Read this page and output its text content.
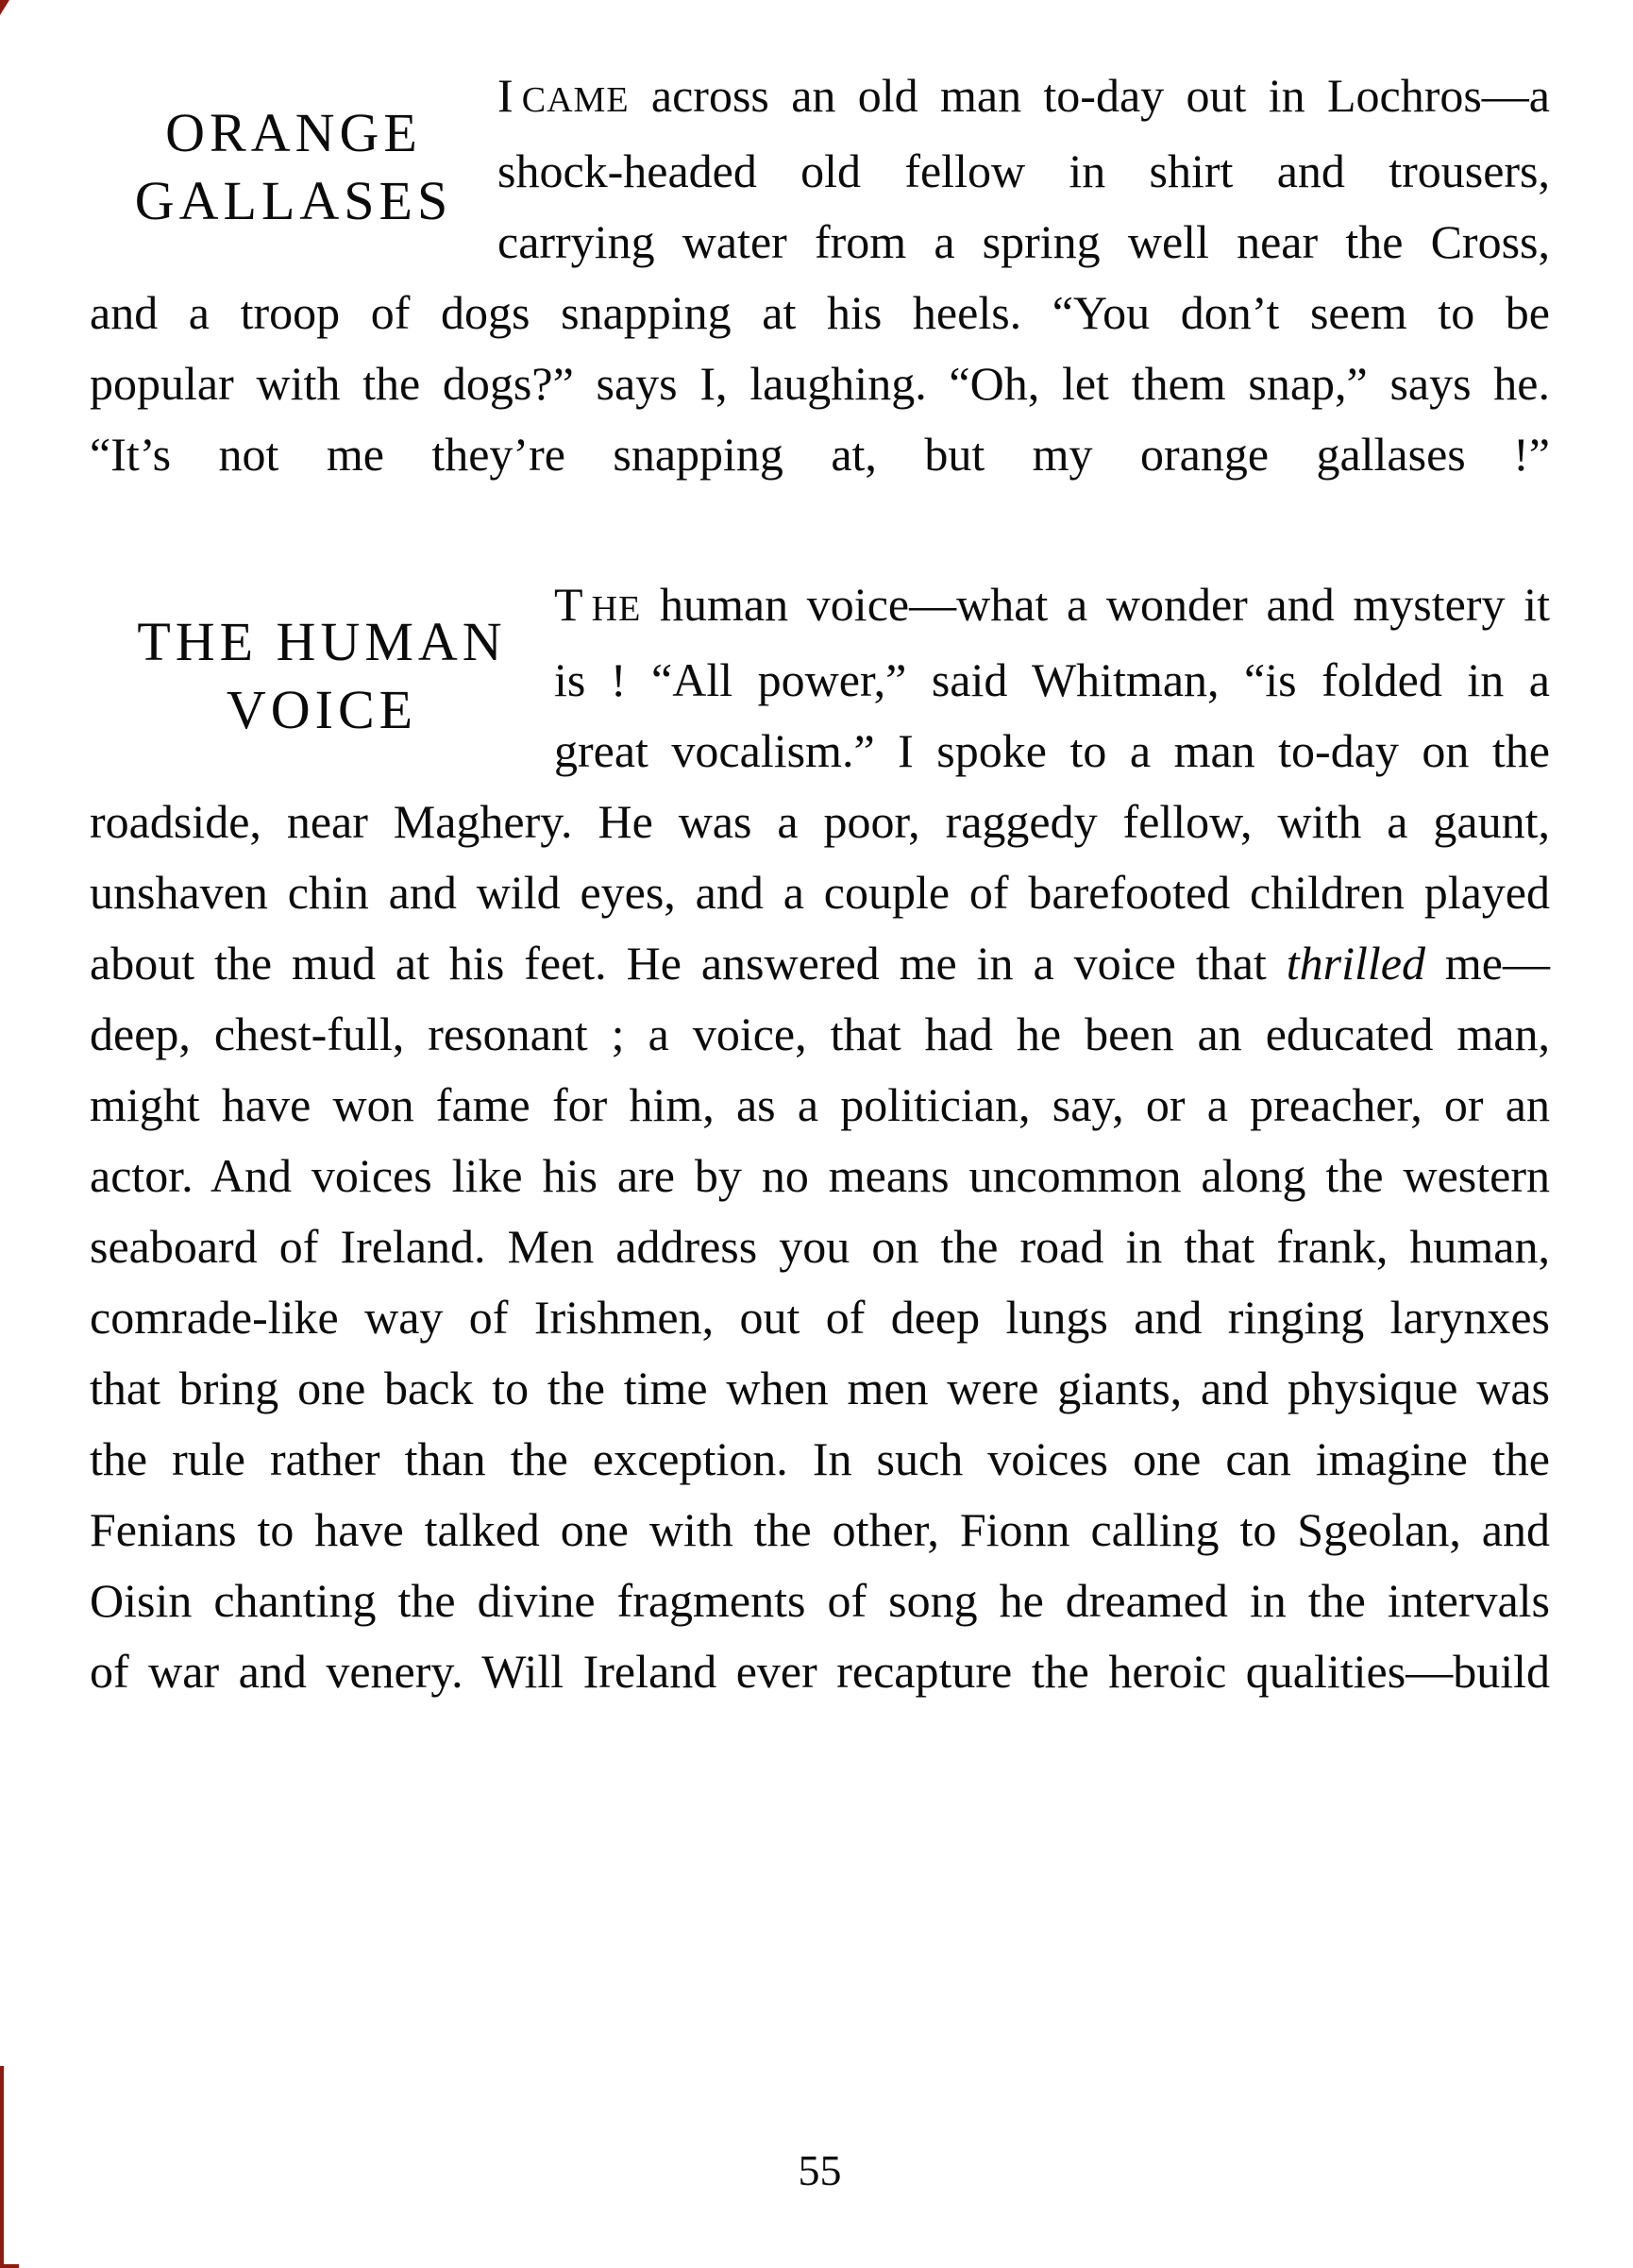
ORANGE
GALLASES

I CAME across an old man to-day out in Lochros—a shock-headed old fellow in shirt and trousers, carrying water from a spring well near the Cross, and a troop of dogs snapping at his heels. “You don’t seem to be popular with the dogs?” says I, laughing. “Oh, let them snap,” says he. “It’s not me they’re snapping at, but my orange gallases !”

THE HUMAN
VOICE

T HE human voice—what a wonder and mystery it is ! “All power,” said Whitman, “is folded in a great vocalism.” I spoke to a man to-day on the roadside, near Maghery. He was a poor, raggedy fellow, with a gaunt, unshaven chin and wild eyes, and a couple of barefooted children played about the mud at his feet. He answered me in a voice that thrilled me—deep, chest-full, resonant ; a voice, that had he been an educated man, might have won fame for him, as a politician, say, or a preacher, or an actor. And voices like his are by no means uncommon along the western seaboard of Ireland. Men address you on the road in that frank, human, comrade-like way of Irishmen, out of deep lungs and ringing larynxes that bring one back to the time when men were giants, and physique was the rule rather than the exception. In such voices one can imagine the Fenians to have talked one with the other, Fionn calling to Sgeolan, and Oisin chanting the divine fragments of song he dreamed in the intervals of war and venery. Will Ireland ever recapture the heroic qualities—build

55
